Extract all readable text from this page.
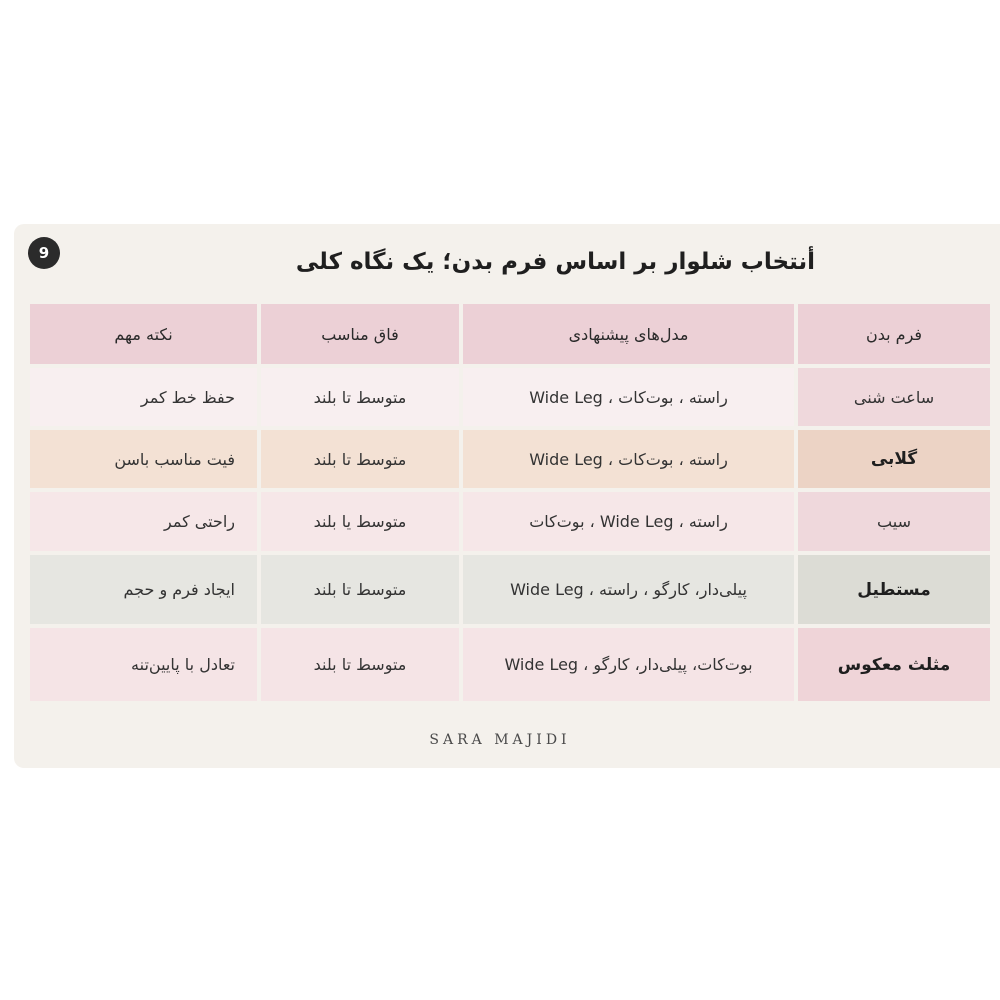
9	أنتخاب شلوار بر اساس فرم بدن؛ یک نگاه کلی
نکته مهم	فاق مناسب	مدل‌های پیشنهادی	فرم بدن
حفظ خط کمر	متوسط تا بلند	راسته ، بوت‌کات ، Wide Leg	ساعت شنی
فیت مناسب باسن	متوسط تا بلند	راسته ، بوت‌کات ، Wide Leg	گلابی
راحتی کمر	متوسط یا بلند	راسته ، Wide Leg ، بوت‌کات	سیب
ایجاد فرم و حجم	متوسط تا بلند	Wide Leg ، پیلی‌دار، کارگو ، راسته	مستطیل
تعادل با پایین‌تنه	متوسط تا بلند	Wide Leg ، بوت‌کات، پیلی‌دار، کارگو	مثلث معکوس
SARA MAJIDI
